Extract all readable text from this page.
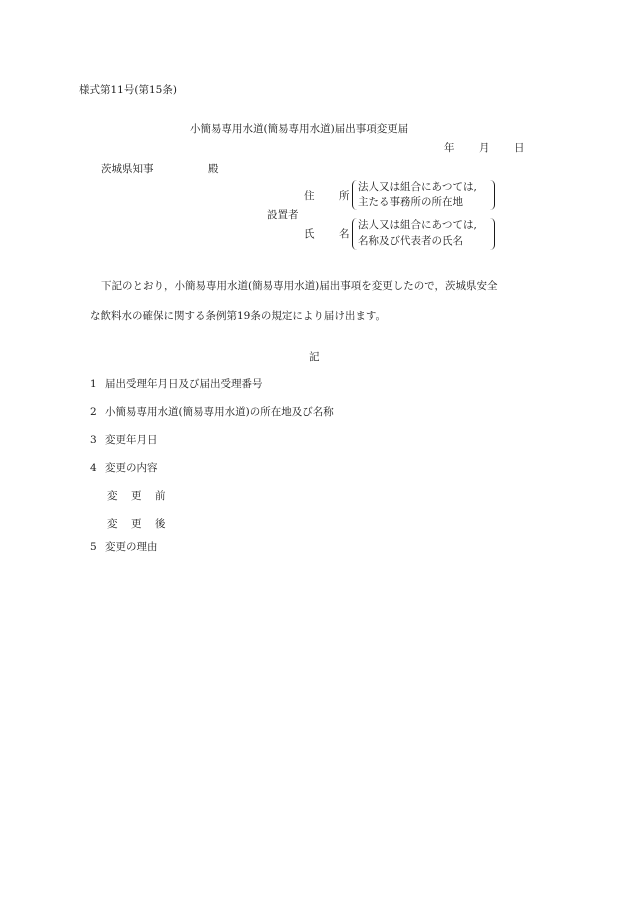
様式第11号(第15条)
小簡易専用水道(簡易専用水道)届出事項変更届
年 月 日
茨城県知事	殿
住 所
法人又は組合にあつては,
主たる事務所の所在地
設置者
氏 名
法人又は組合にあつては,
名称及び代表者の氏名
下記のとおり，小簡易専用水道(簡易専用水道)届出事項を変更したので，茨城県安全
な飲料水の確保に関する条例第19条の規定により届け出ます。
記
1 届出受理年月日及び届出受理番号
2 小簡易専用水道(簡易専用水道)の所在地及び名称
3 変更年月日
4 変更の内容
変 更 前
変 更 後
5 変更の理由
